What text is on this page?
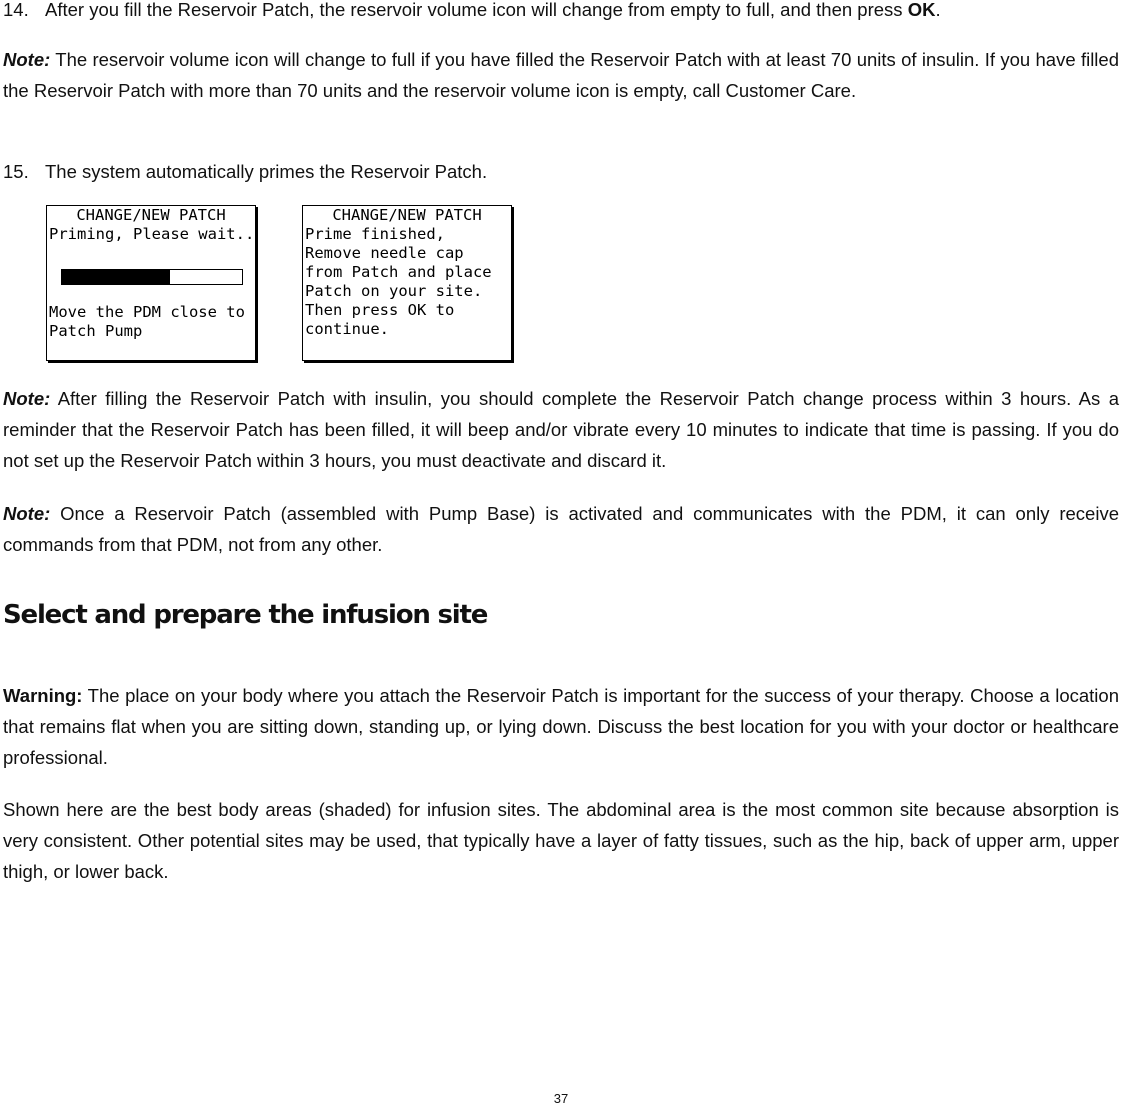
14. After you fill the Reservoir Patch, the reservoir volume icon will change from empty to full, and then press OK.

Note: The reservoir volume icon will change to full if you have filled the Reservoir Patch with at least 70 units of insulin. If you have filled the Reservoir Patch with more than 70 units and the reservoir volume icon is empty, call Customer Care.

15. The system automatically primes the Reservoir Patch.

CHANGE/NEW PATCH
Priming, Please wait..
Move the PDM close to
Patch Pump
CHANGE/NEW PATCH
Prime finished,
Remove needle cap
from Patch and place
Patch on your site.
Then press OK to
continue.

Note: After filling the Reservoir Patch with insulin, you should complete the Reservoir Patch change process within 3 hours. As a reminder that the Reservoir Patch has been filled, it will beep and/or vibrate every 10 minutes to indicate that time is passing. If you do not set up the Reservoir Patch within 3 hours, you must deactivate and discard it.

Note: Once a Reservoir Patch (assembled with Pump Base) is activated and communicates with the PDM, it can only receive commands from that PDM, not from any other.

Select and prepare the infusion site

Warning: The place on your body where you attach the Reservoir Patch is important for the success of your therapy. Choose a location that remains flat when you are sitting down, standing up, or lying down. Discuss the best location for you with your doctor or healthcare professional.

Shown here are the best body areas (shaded) for infusion sites. The abdominal area is the most common site because absorption is very consistent. Other potential sites may be used, that typically have a layer of fatty tissues, such as the hip, back of upper arm, upper thigh, or lower back.

37
